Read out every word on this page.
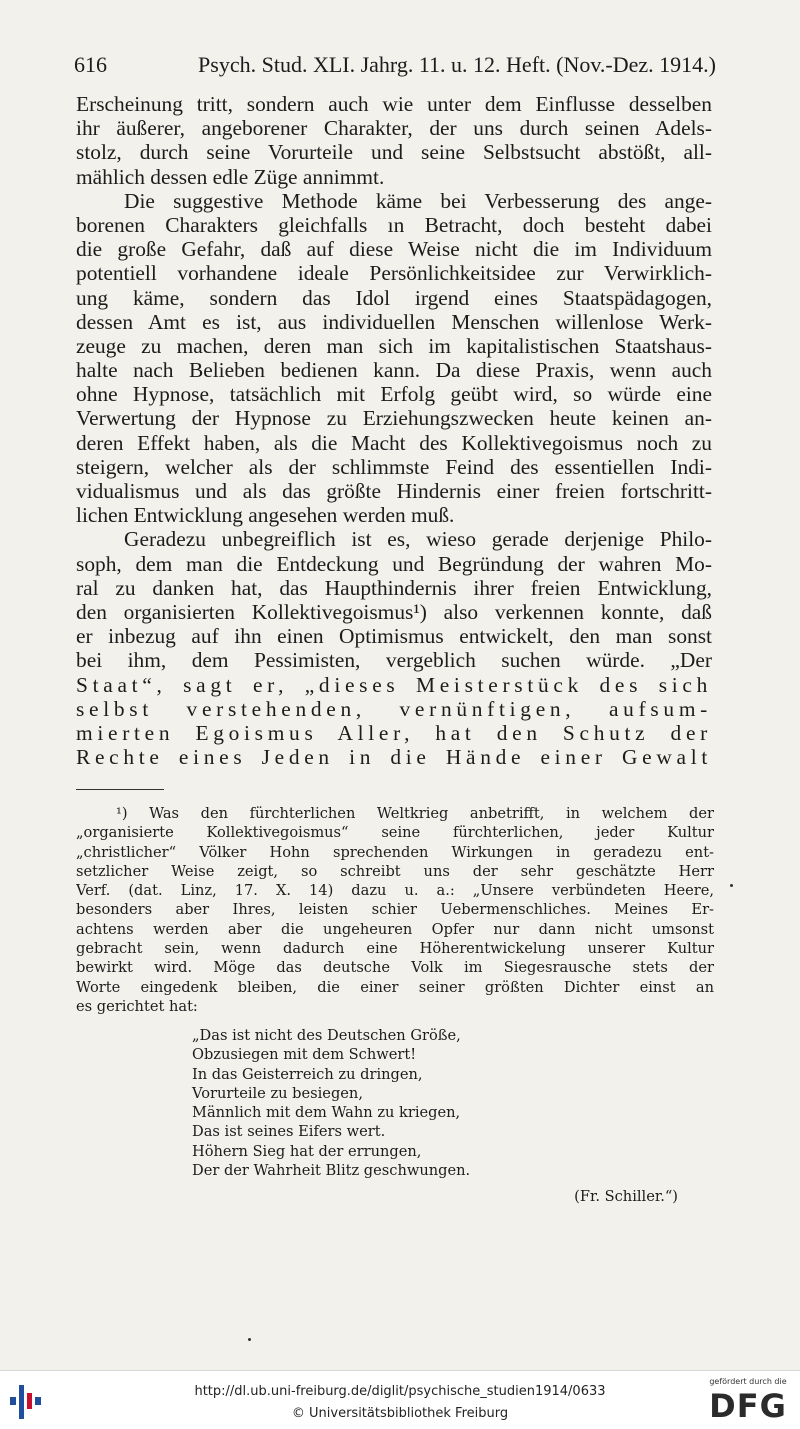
616	Psych. Stud. XLI. Jahrg. 11. u. 12. Heft. (Nov.-Dez. 1914.)
Erscheinung tritt, sondern auch wie unter dem Einflusse desselben
ihr äußerer, angeborener Charakter, der uns durch seinen Adels-
stolz, durch seine Vorurteile und seine Selbstsucht abstößt, all-
mählich dessen edle Züge annimmt.
Die suggestive Methode käme bei Verbesserung des ange-
borenen Charakters gleichfalls ın Betracht, doch besteht dabei
die große Gefahr, daß auf diese Weise nicht die im Individuum
potentiell vorhandene ideale Persönlichkeitsidee zur Verwirklich-
ung käme, sondern das Idol irgend eines Staatspädagogen,
dessen Amt es ist, aus individuellen Menschen willenlose Werk-
zeuge zu machen, deren man sich im kapitalistischen Staatshaus-
halte nach Belieben bedienen kann. Da diese Praxis, wenn auch
ohne Hypnose, tatsächlich mit Erfolg geübt wird, so würde eine
Verwertung der Hypnose zu Erziehungszwecken heute keinen an-
deren Effekt haben, als die Macht des Kollektivegoismus noch zu
steigern, welcher als der schlimmste Feind des essentiellen Indi-
vidualismus und als das größte Hindernis einer freien fortschritt-
lichen Entwicklung angesehen werden muß.
Geradezu unbegreiflich ist es, wieso gerade derjenige Philo-
soph, dem man die Entdeckung und Begründung der wahren Mo-
ral zu danken hat, das Haupthindernis ihrer freien Entwicklung,
den organisierten Kollektivegoismus¹) also verkennen konnte, daß
er inbezug auf ihn einen Optimismus entwickelt, den man sonst
bei ihm, dem Pessimisten, vergeblich suchen würde. „Der
Staat“, sagt er, „dieses Meisterstück des sich
selbst verstehenden, vernünftigen, aufsum-
mierten Egoismus Aller, hat den Schutz der
Rechte eines Jeden in die Hände einer Gewalt
¹) Was den fürchterlichen Weltkrieg anbetrifft, in welchem der
„organisierte Kollektivegoismus“ seine fürchterlichen, jeder Kultur
„christlicher“ Völker Hohn sprechenden Wirkungen in geradezu ent-
setzlicher Weise zeigt, so schreibt uns der sehr geschätzte Herr
Verf. (dat. Linz, 17. X. 14) dazu u. a.: „Unsere verbündeten Heere,
besonders aber Ihres, leisten schier Uebermenschliches. Meines Er-
achtens werden aber die ungeheuren Opfer nur dann nicht umsonst
gebracht sein, wenn dadurch eine Höherentwickelung unserer Kultur
bewirkt wird. Möge das deutsche Volk im Siegesrausche stets der
Worte eingedenk bleiben, die einer seiner größten Dichter einst an
es gerichtet hat:
„Das ist nicht des Deutschen Größe,
Obzusiegen mit dem Schwert!
In das Geisterreich zu dringen,
Vorurteile zu besiegen,
Männlich mit dem Wahn zu kriegen,
Das ist seines Eifers wert.
Höhern Sieg hat der errungen,
Der der Wahrheit Blitz geschwungen.
(Fr. Schiller.“)
http://dl.ub.uni-freiburg.de/diglit/psychische_studien1914/0633
© Universitätsbibliothek Freiburg
gefördert durch die
DFG
